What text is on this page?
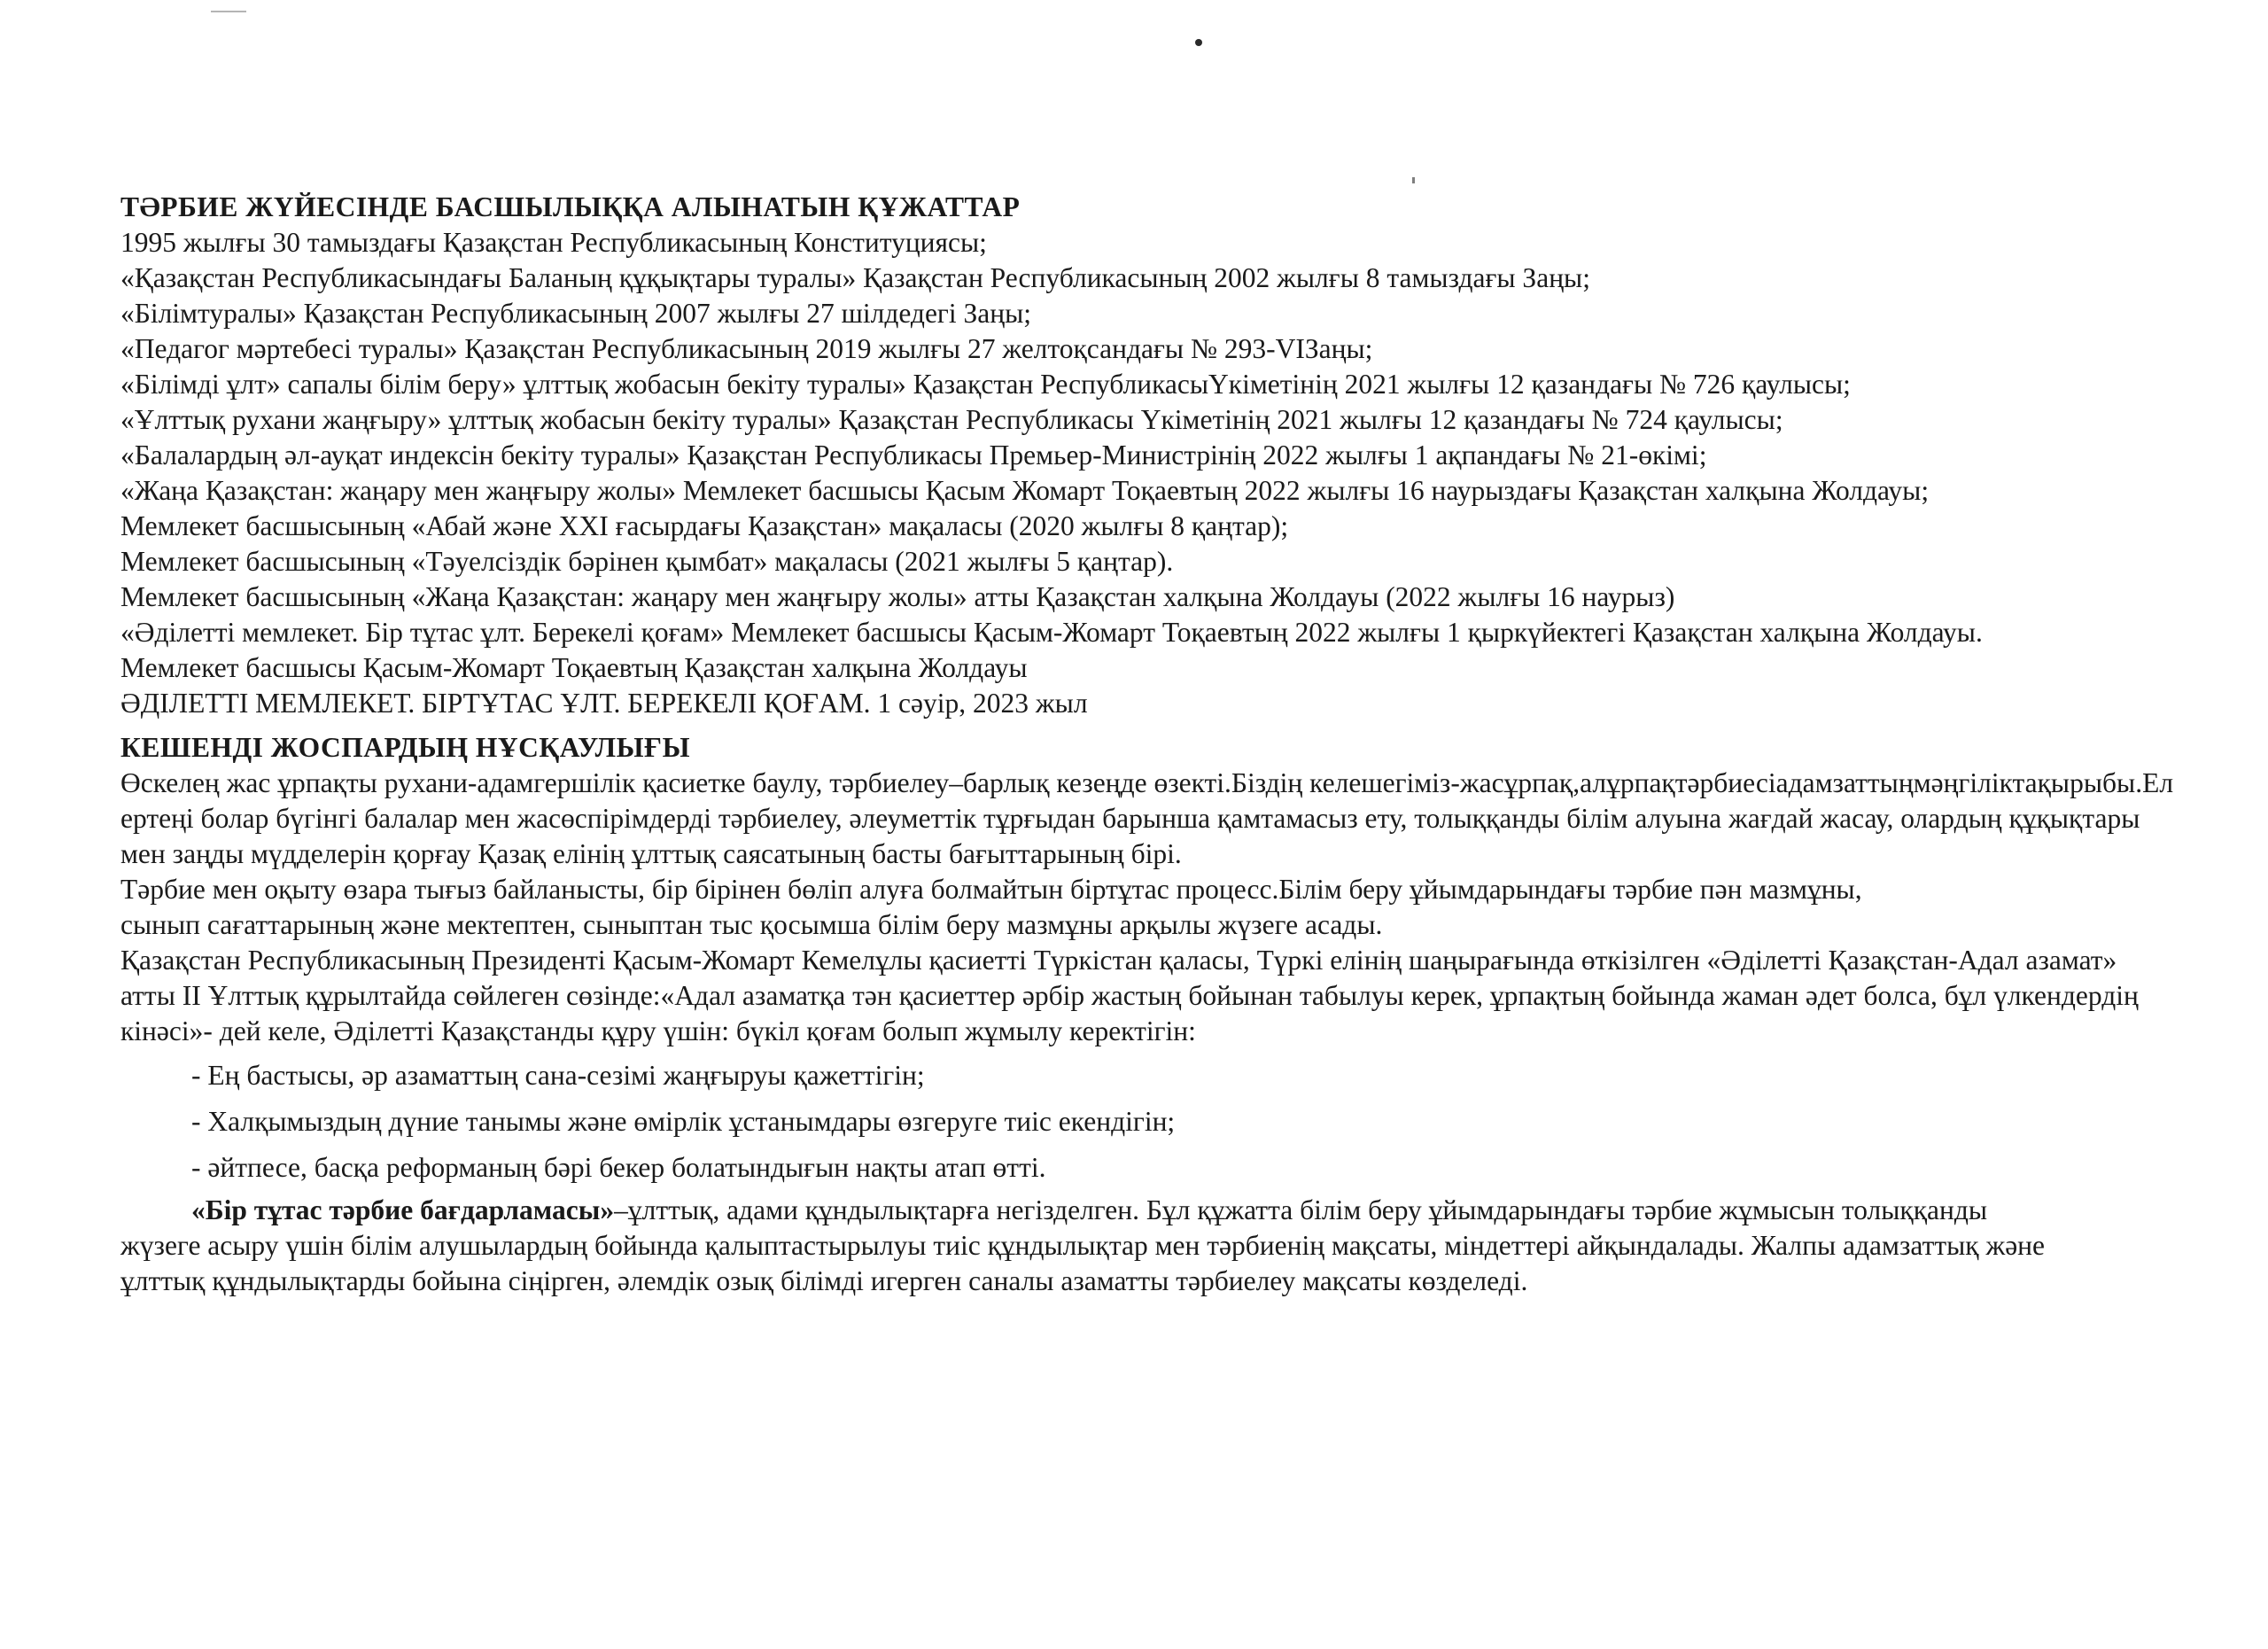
ТӘРБИЕ ЖҮЙЕСІНДЕ БАСШЫЛЫҚҚА АЛЫНАТЫН ҚҰЖАТТАР

1995 жылғы 30 тамыздағы Қазақстан Республикасының Конституциясы;

«Қазақстан Республикасындағы Баланың құқықтары туралы» Қазақстан Республикасының 2002 жылғы 8 тамыздағы Заңы;

«Білімтуралы» Қазақстан Республикасының 2007 жылғы 27 шілдедегі Заңы;

«Педагог мәртебесі туралы» Қазақстан Республикасының 2019 жылғы 27 желтоқсандағы № 293-VIЗаңы;

«Білімді ұлт» сапалы білім беру» ұлттық жобасын бекіту туралы» Қазақстан РеспубликасыҮкіметінің 2021 жылғы 12 қазандағы № 726 қаулысы;

«Ұлттық рухани жаңғыру» ұлттық жобасын бекіту туралы» Қазақстан Республикасы Үкіметінің 2021 жылғы 12 қазандағы № 724 қаулысы;

«Балалардың әл-ауқат индексін бекіту туралы» Қазақстан Республикасы Премьер-Министрінің 2022 жылғы 1 ақпандағы № 21-өкімі;

«Жаңа Қазақстан: жаңару мен жаңғыру жолы» Мемлекет басшысы Қасым Жомарт Тоқаевтың 2022 жылғы 16 наурыздағы Қазақстан халқына Жолдауы;

Мемлекет басшысының «Абай және XXI ғасырдағы Қазақстан» мақаласы (2020 жылғы 8 қаңтар);

Мемлекет басшысының «Тәуелсіздік бәрінен қымбат» мақаласы (2021 жылғы 5 қаңтар).

Мемлекет басшысының «Жаңа Қазақстан: жаңару мен жаңғыру жолы» атты Қазақстан халқына Жолдауы (2022 жылғы 16 наурыз)

«Әділетті мемлекет. Бір тұтас ұлт. Берекелі қоғам» Мемлекет басшысы Қасым-Жомарт Тоқаевтың 2022 жылғы 1 қыркүйектегі Қазақстан халқына Жолдауы.

Мемлекет басшысы Қасым-Жомарт Тоқаевтың Қазақстан халқына Жолдауы

ӘДІЛЕТТІ МЕМЛЕКЕТ. БІРТҰТАС ҰЛТ. БЕРЕКЕЛІ ҚОҒАМ. 1 сәуір, 2023 жыл

КЕШЕНДІ ЖОСПАРДЫҢ НҰСҚАУЛЫҒЫ

Өскелең жас ұрпақты рухани-адамгершілік қасиетке баулу, тәрбиелеу–барлық кезеңде өзекті.Біздің келешегіміз-жасұрпақ,алұрпақтәрбиесіадамзаттыңмәңгіліктақырыбы.Ел ертеңі болар бүгінгі балалар мен жасөспірімдерді тәрбиелеу, әлеуметтік тұрғыдан барынша қамтамасыз ету, толыққанды білім алуына жағдай жасау, олардың құқықтары мен заңды мүдделерін қорғау Қазақ елінің ұлттық саясатының басты бағыттарының бірі.

Тәрбие мен оқыту өзара тығыз байланысты, бір бірінен бөліп алуға болмайтын біртұтас процесс.Білім беру ұйымдарындағы тәрбие пән мазмұны, сынып сағаттарының және мектептен, сыныптан тыс қосымша білім беру мазмұны арқылы жүзеге асады.

Қазақстан Республикасының Президенті Қасым-Жомарт Кемелұлы қасиетті Түркістан қаласы, Түркі елінің шаңырағында өткізілген «Әділетті Қазақстан-Адал азамат» атты II Ұлттық құрылтайда сөйлеген сөзінде:«Адал азаматқа тән қасиеттер әрбір жастың бойынан табылуы керек, ұрпақтың бойында жаман әдет болса, бұл үлкендердің кінәсі»- дей келе, Әділетті Қазақстанды құру үшін: бүкіл қоғам болып жұмылу керектігін:

- Ең бастысы, әр азаматтың сана-сезімі жаңғыруы қажеттігін;

- Халқымыздың дүние танымы және өмірлік ұстанымдары өзгеруге тиіс екендігін;

- әйтпесе, басқа реформаның бәрі бекер болатындығын нақты атап өтті.

«Бір тұтас тәрбие бағдарламасы»–ұлттық, адами құндылықтарға негізделген. Бұл құжатта білім беру ұйымдарындағы тәрбие жұмысын толыққанды жүзеге асыру үшін білім алушылардың бойында қалыптастырылуы тиіс құндылықтар мен тәрбиенің мақсаты, міндеттері айқындалады. Жалпы адамзаттық және ұлттық құндылықтарды бойына сіңірген, әлемдік озық білімді игерген саналы азаматты тәрбиелеу мақсаты көзделеді.
